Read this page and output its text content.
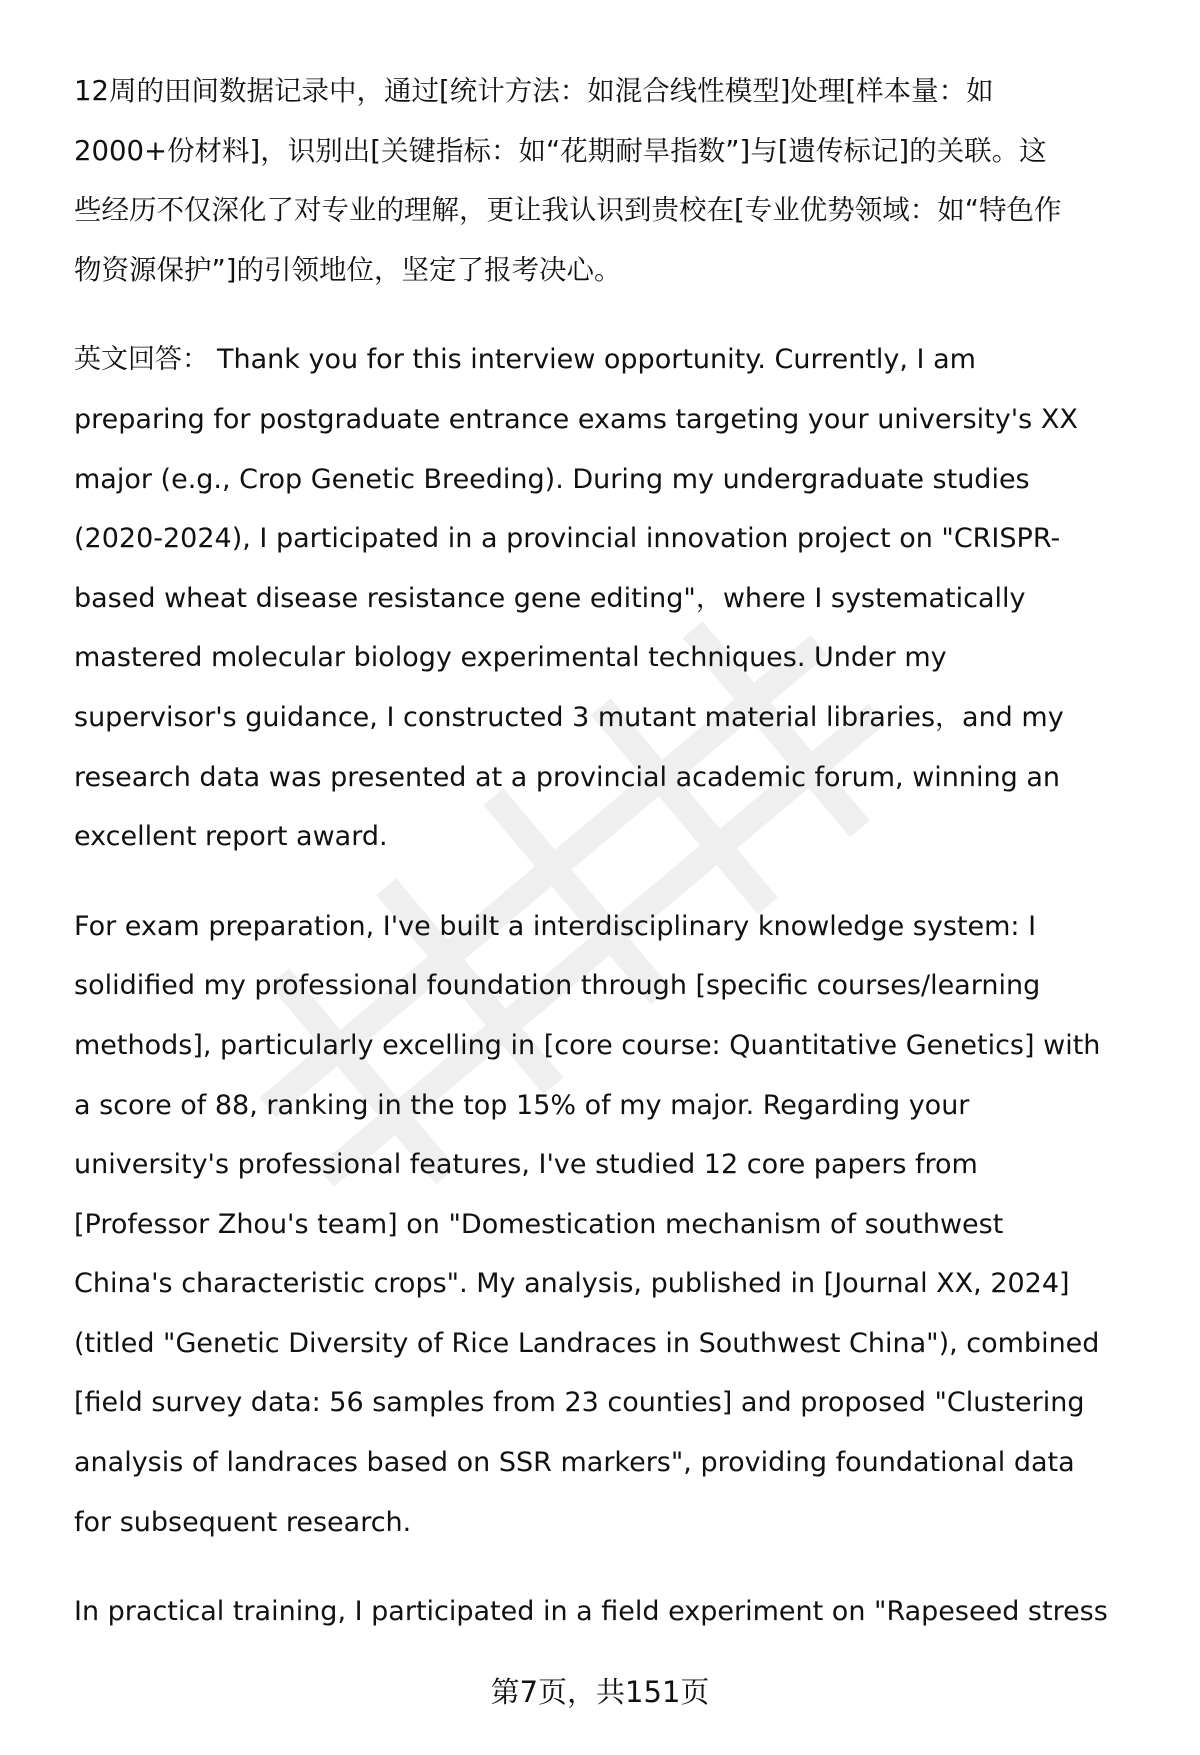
12周的田间数据记录中，通过[统计方法：如混合线性模型]处理[样本量：如
2000+份材料]，识别出[关键指标：如“花期耐旱指数”]与[遗传标记]的关联。这
些经历不仅深化了对专业的理解，更让我认识到贵校在[专业优势领域：如“特色作
物资源保护”]的引领地位，坚定了报考决心。

英文回答： Thank you for this interview opportunity. Currently, I am
preparing for postgraduate entrance exams targeting your university's XX
major (e.g., Crop Genetic Breeding). During my undergraduate studies
(2020-2024), I participated in a provincial innovation project on "CRISPR-
based wheat disease resistance gene editing"，where I systematically
mastered molecular biology experimental techniques. Under my
supervisor's guidance, I constructed 3 mutant material libraries，and my
research data was presented at a provincial academic forum, winning an
excellent report award.

For exam preparation, I've built a interdisciplinary knowledge system: I
solidified my professional foundation through [specific courses/learning
methods], particularly excelling in [core course: Quantitative Genetics] with
a score of 88, ranking in the top 15% of my major. Regarding your
university's professional features, I've studied 12 core papers from
[Professor Zhou's team] on "Domestication mechanism of southwest
China's characteristic crops". My analysis, published in [Journal XX, 2024]
(titled "Genetic Diversity of Rice Landraces in Southwest China"), combined
[field survey data: 56 samples from 23 counties] and proposed "Clustering
analysis of landraces based on SSR markers", providing foundational data
for subsequent research.

In practical training, I participated in a field experiment on "Rapeseed stress

第7页，共151页
